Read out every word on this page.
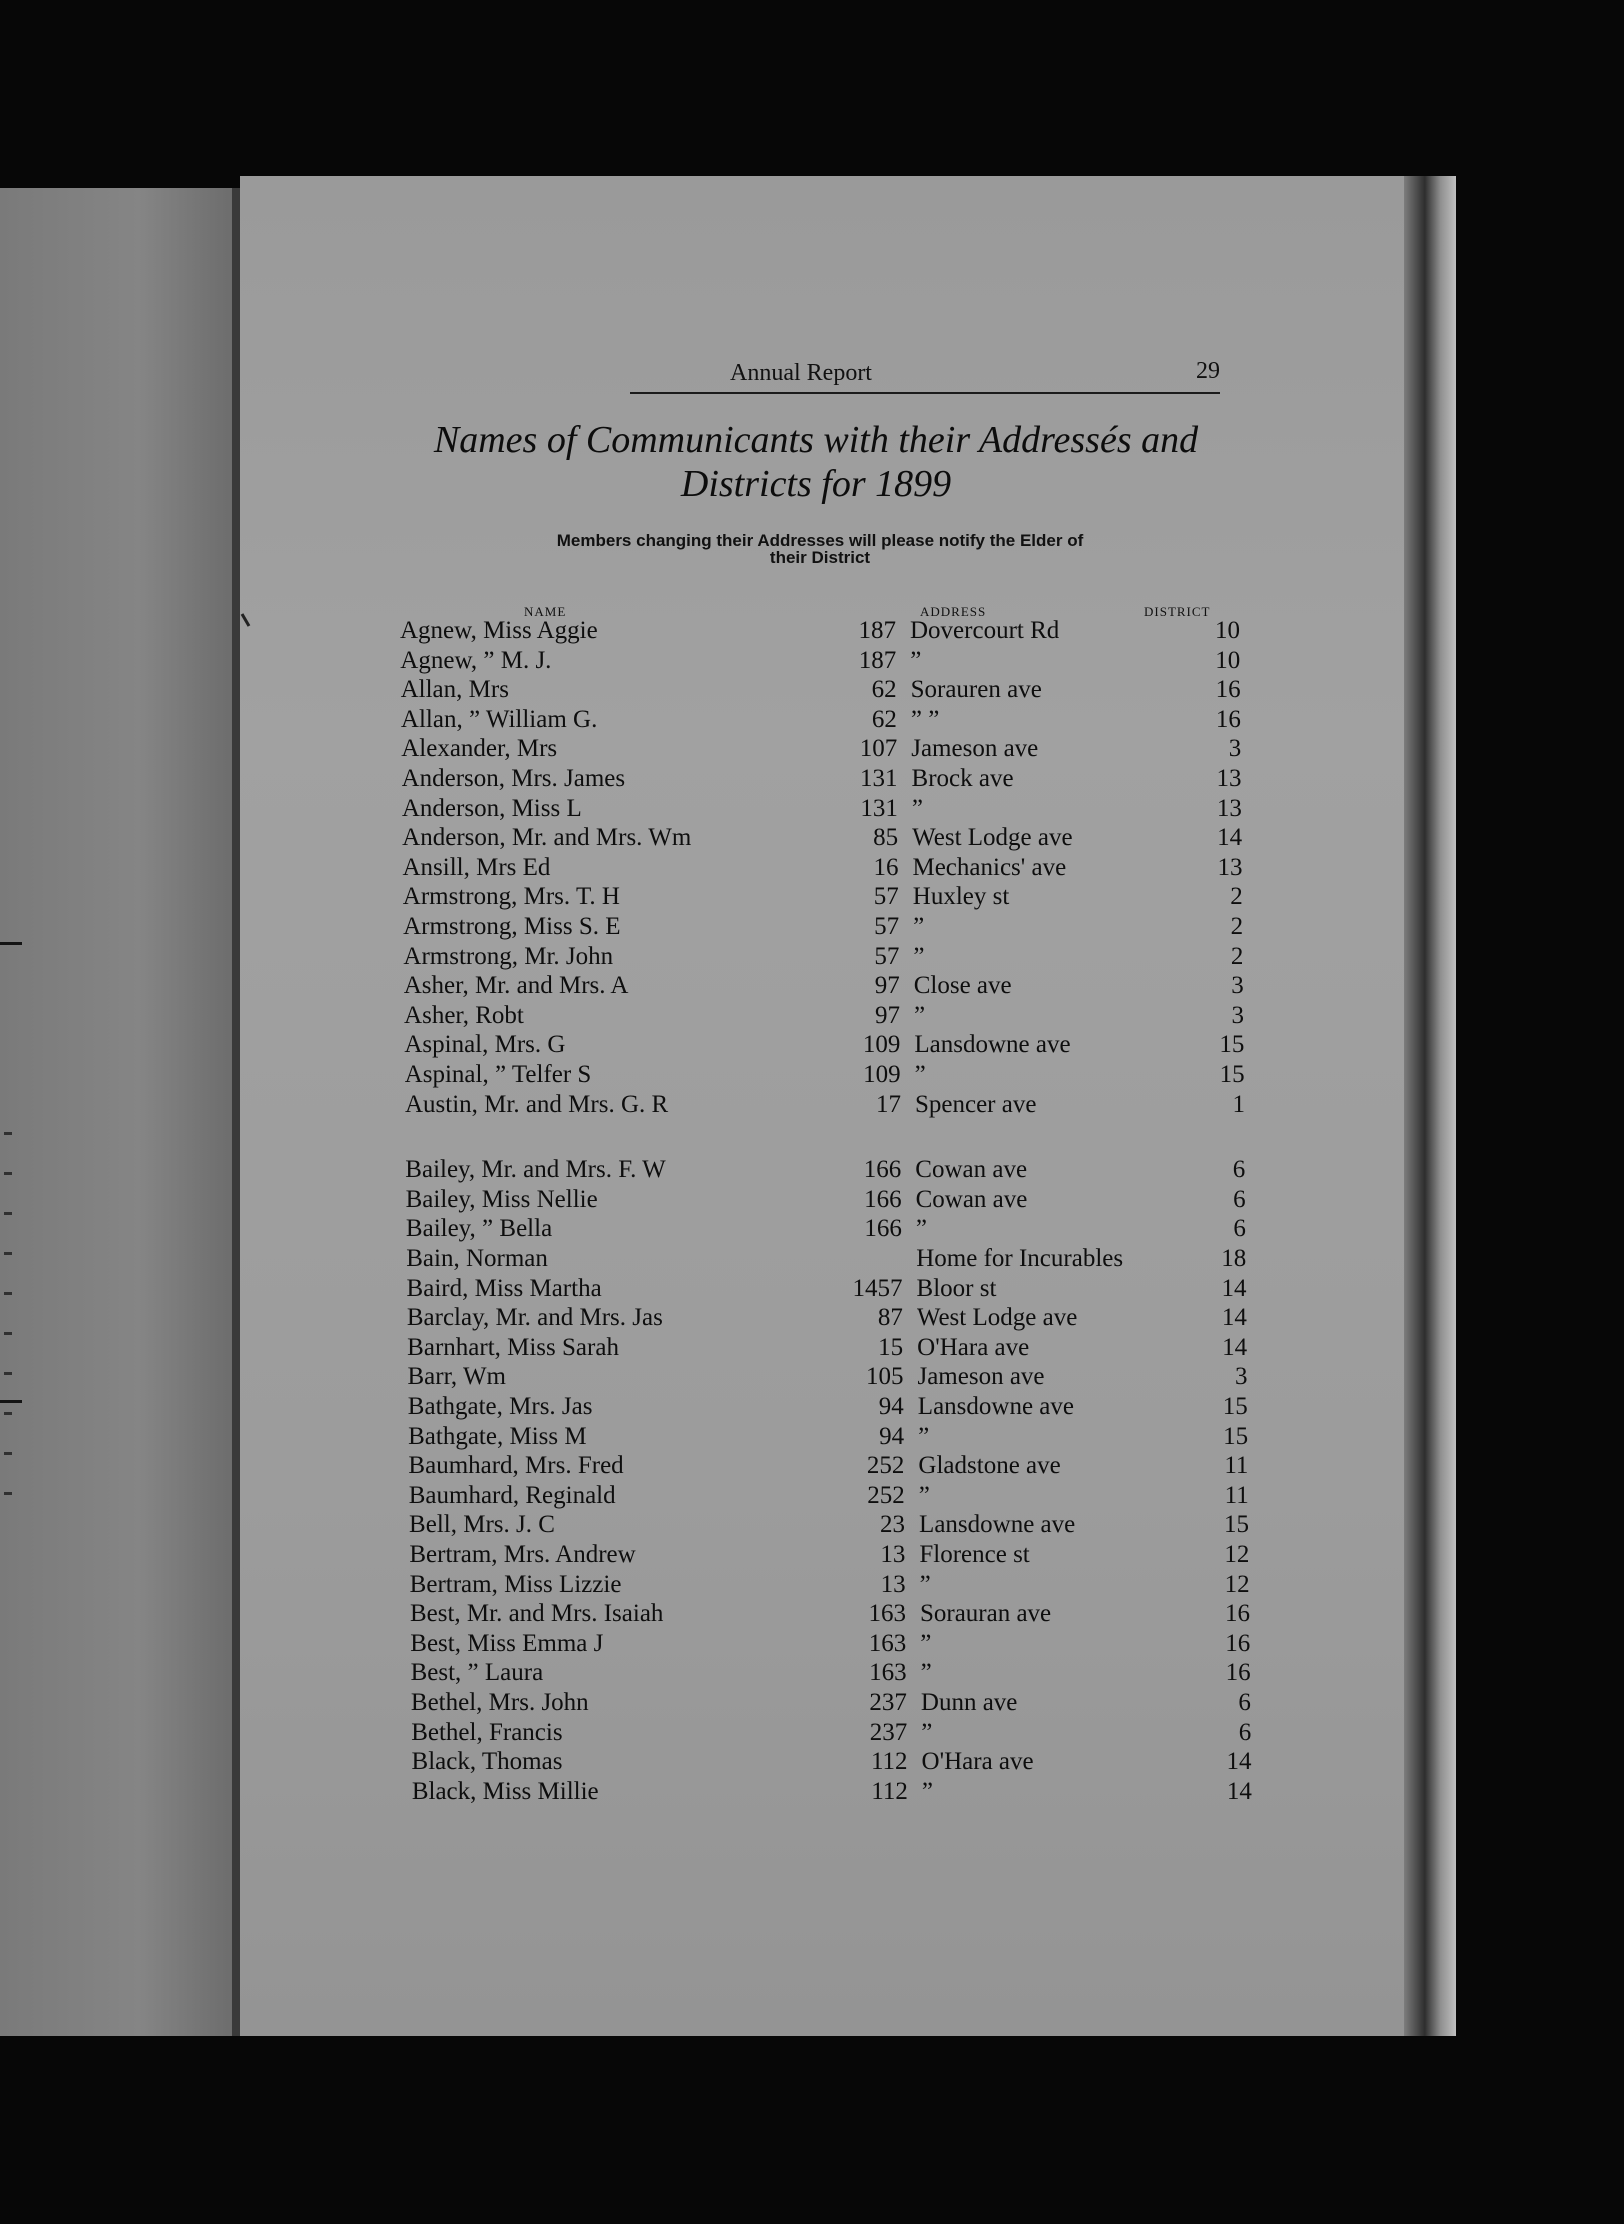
Annual Report	29
Names of Communicants with their Addressés and
Districts for 1899
Members changing their Addresses will please notify the Elder of
their District
NAME	ADDRESS	DISTRICT
Agnew, Miss Aggie	187 Dovercourt Rd	10
Agnew, ” M. J.	187 ”	10
Allan, Mrs	62 Sorauren ave	16
Allan, ” William G.	62 ” ”	16
Alexander, Mrs	107 Jameson ave	3
Anderson, Mrs. James	131 Brock ave	13
Anderson, Miss L	131 ”	13
Anderson, Mr. and Mrs. Wm	85 West Lodge ave	14
Ansill, Mrs Ed	16 Mechanics' ave	13
Armstrong, Mrs. T. H	57 Huxley st	2
Armstrong, Miss S. E	57 ”	2
Armstrong, Mr. John	57 ”	2
Asher, Mr. and Mrs. A	97 Close ave	3
Asher, Robt	97 ”	3
Aspinal, Mrs. G	109 Lansdowne ave	15
Aspinal, ” Telfer S	109 ”	15
Austin, Mr. and Mrs. G. R	17 Spencer ave	1
Bailey, Mr. and Mrs. F. W	166 Cowan ave	6
Bailey, Miss Nellie	166 Cowan ave	6
Bailey, ” Bella	166 ”	6
Bain, Norman	Home for Incurables	18
Baird, Miss Martha	1457 Bloor st	14
Barclay, Mr. and Mrs. Jas	87 West Lodge ave	14
Barnhart, Miss Sarah	15 O'Hara ave	14
Barr, Wm	105 Jameson ave	3
Bathgate, Mrs. Jas	94 Lansdowne ave	15
Bathgate, Miss M	94 ”	15
Baumhard, Mrs. Fred	252 Gladstone ave	11
Baumhard, Reginald	252 ”	11
Bell, Mrs. J. C	23 Lansdowne ave	15
Bertram, Mrs. Andrew	13 Florence st	12
Bertram, Miss Lizzie	13 ”	12
Best, Mr. and Mrs. Isaiah	163 Sorauran ave	16
Best, Miss Emma J	163 ”	16
Best, ” Laura	163 ”	16
Bethel, Mrs. John	237 Dunn ave	6
Bethel, Francis	237 ”	6
Black, Thomas	112 O'Hara ave	14
Black, Miss Millie	112 ”	14
